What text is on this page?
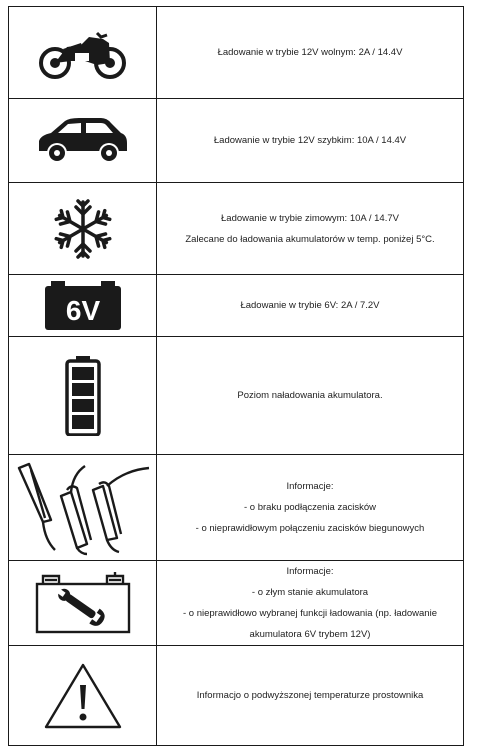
Ładowanie w trybie 12V wolnym: 2A / 14.4V

Ładowanie w trybie 12V szybkim: 10A / 14.4V

Ładowanie w trybie zimowym: 10A / 14.7V
Zalecane do ładowania akumulatorów w temp. poniżej 5°C.

6V	Ładowanie w trybie 6V: 2A / 7.2V

Poziom naładowania akumulatora.

Informacje:
- o braku podłączenia zacisków
- o nieprawidłowym połączeniu zacisków biegunowych

Informacje:
- o złym stanie akumulatora
- o nieprawidłowo wybranej funkcji ładowania (np. ładowanie
akumulatora 6V trybem 12V)

Informacjo o podwyższonej temperaturze prostownika
